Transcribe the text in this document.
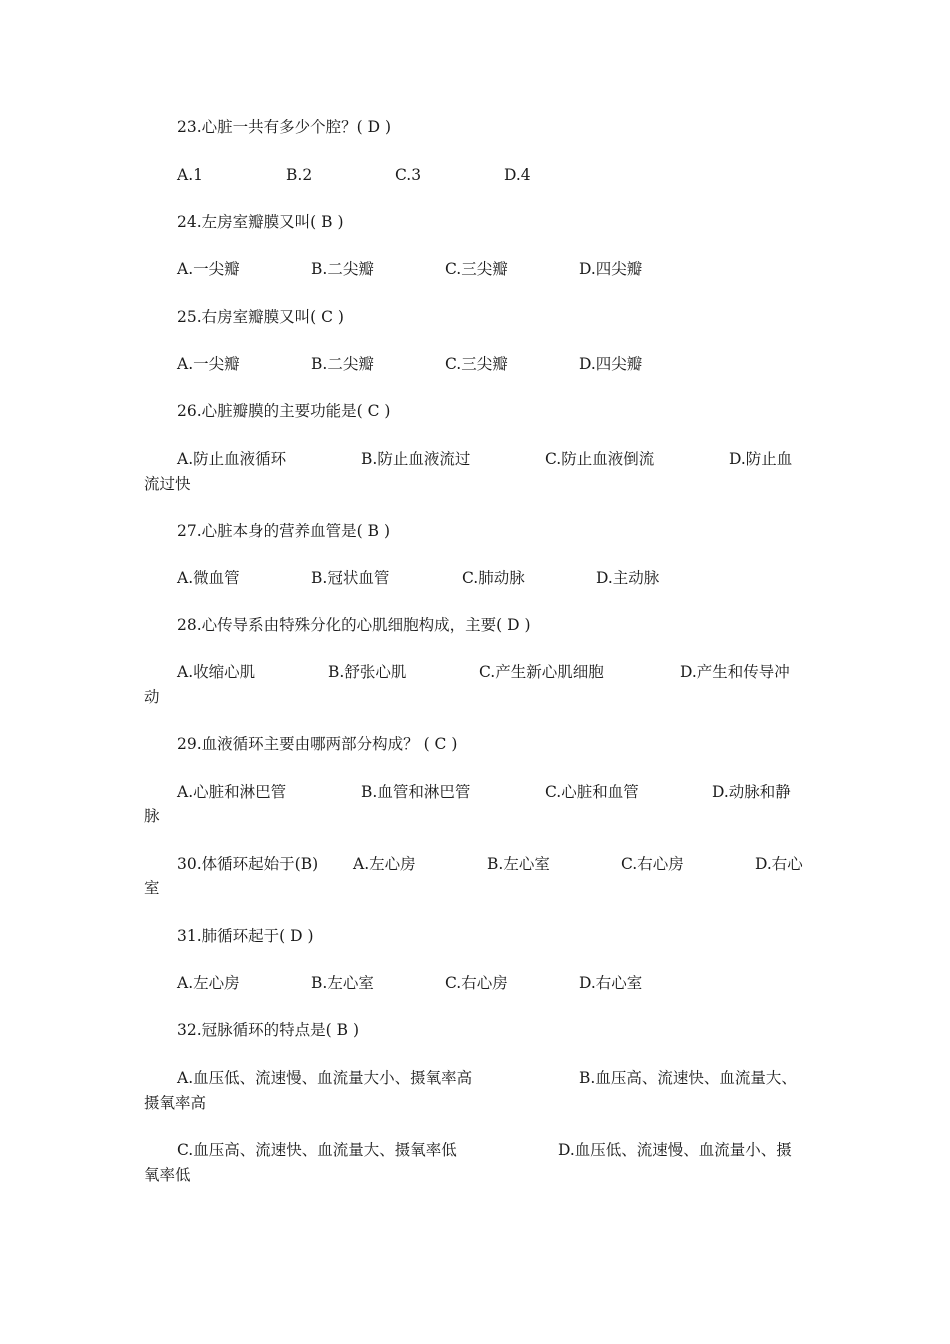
23.心脏一共有多少个腔？( D )
A.1	B.2	C.3	D.4
24.左房室瓣膜又叫( B )
A.一尖瓣	B.二尖瓣	C.三尖瓣	D.四尖瓣
25.右房室瓣膜又叫( C )
A.一尖瓣	B.二尖瓣	C.三尖瓣	D.四尖瓣
26.心脏瓣膜的主要功能是( C )
A.防止血液循环	B.防止血液流过	C.防止血液倒流	D.防止血
流过快
27.心脏本身的营养血管是( B )
A.微血管	B.冠状血管	C.肺动脉	D.主动脉
28.心传导系由特殊分化的心肌细胞构成，主要( D )
A.收缩心肌	B.舒张心肌	C.产生新心肌细胞	D.产生和传导冲
动
29.血液循环主要由哪两部分构成？ ( C )
A.心脏和淋巴管	B.血管和淋巴管	C.心脏和血管	D.动脉和静
脉
30.体循环起始于(B) A.左心房	B.左心室	C.右心房	D.右心
室
31.肺循环起于( D )
A.左心房	B.左心室	C.右心房	D.右心室
32.冠脉循环的特点是( B )
A.血压低、流速慢、血流量大小、摄氧率高	B.血压高、流速快、血流量大、
摄氧率高
C.血压高、流速快、血流量大、摄氧率低	D.血压低、流速慢、血流量小、摄
氧率低
